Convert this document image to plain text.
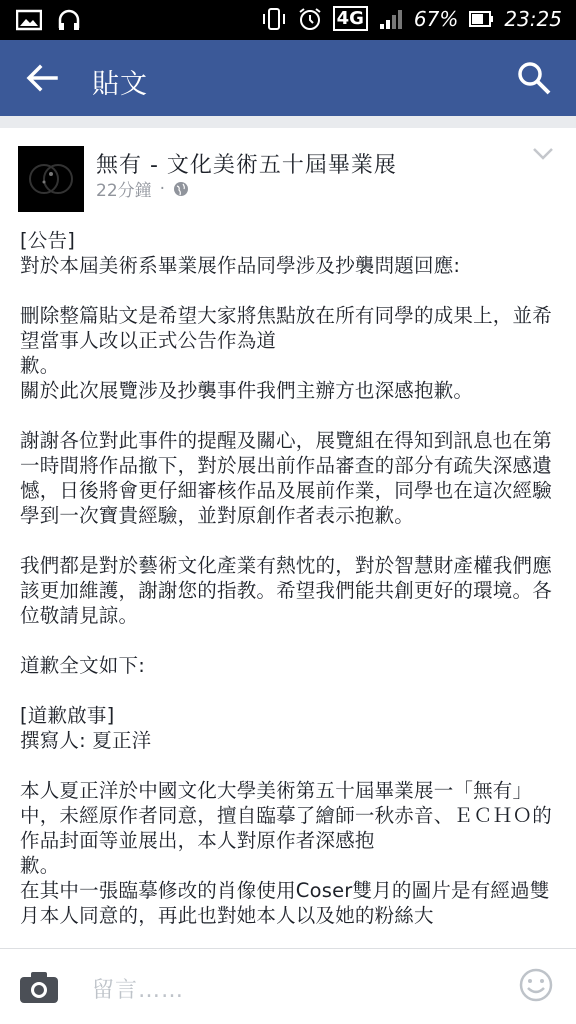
4G	67% 23:25
貼文
無有 - 文化美術五十屆畢業展
22分鐘 ·

[公告]
對於本屆美術系畢業展作品同學涉及抄襲問題回應:

刪除整篇貼文是希望大家將焦點放在所有同學的成果上，並希望當事人改以正式公告作為道
歉。
關於此次展覽涉及抄襲事件我們主辦方也深感抱歉。

謝謝各位對此事件的提醒及關心，展覽組在得知到訊息也在第一時間將作品撤下，對於展出前作品審查的部分有疏失深感遺憾，日後將會更仔細審核作品及展前作業，同學也在這次經驗學到一次寶貴經驗，並對原創作者表示抱歉。

我們都是對於藝術文化產業有熱忱的，對於智慧財產權我們應該更加維護，謝謝您的指教。希望我們能共創更好的環境。各位敬請見諒。

道歉全文如下:

[道歉啟事]
撰寫人: 夏正洋

本人夏正洋於中國文化大學美術第五十屆畢業展一「無有」中，未經原作者同意，擅自臨摹了繪師一秋赤音、ＥＣＨＯ的作品封面等並展出，本人對原作者深感抱
歉。
在其中一張臨摹修改的肖像使用Coser雙月的圖片是有經過雙月本人同意的，再此也對她本人以及她的粉絲大

留言……
